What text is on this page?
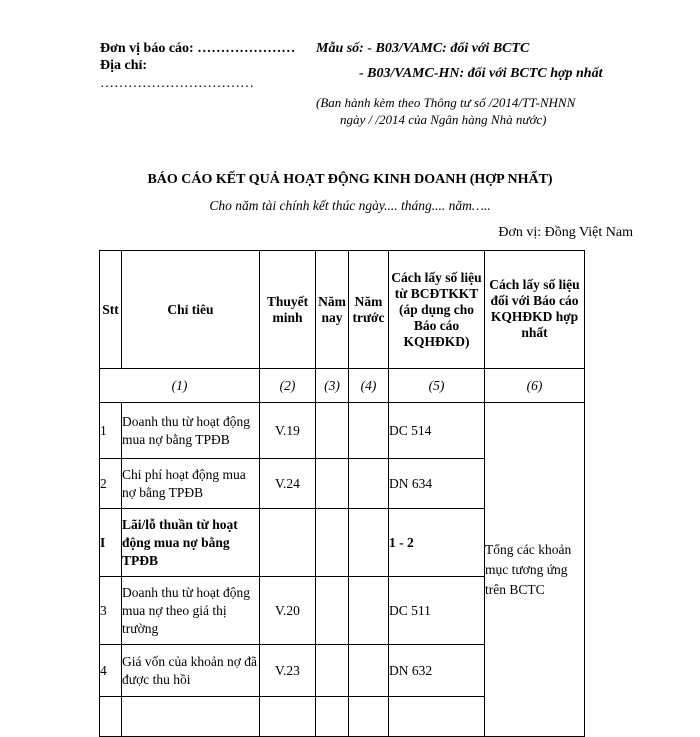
Đơn vị báo cáo: …………………
Địa chỉ:
……………………………
Mẫu số: - B03/VAMC: đối với BCTC
- B03/VAMC-HN: đối với BCTC hợp nhất
(Ban hành kèm theo Thông tư số /2014/TT-NHNN
ngày / /2014 của Ngân hàng Nhà nước)
BÁO CÁO KẾT QUẢ HOẠT ĐỘNG KINH DOANH (HỢP NHẤT)
Cho năm tài chính kết thúc ngày.... tháng.... năm…..
Đơn vị: Đồng Việt Nam
Stt	Chỉ tiêu	Thuyết minh	Năm nay	Năm trước	Cách lấy số liệu từ BCĐTKKT (áp dụng cho Báo cáo KQHĐKD)	Cách lấy số liệu đối với Báo cáo KQHĐKD hợp nhất
(1)		(2)	(3)	(4)	(5)	(6)
1	Doanh thu từ hoạt động mua nợ bằng TPĐB	V.19			DC 514	Tổng các khoản mục tương ứng trên BCTC
2	Chi phí hoạt động mua nợ bằng TPĐB	V.24			DN 634	
I	Lãi/lỗ thuần từ hoạt động mua nợ bằng TPĐB				1 - 2	
3	Doanh thu từ hoạt động mua nợ theo giá thị trường	V.20			DC 511	
4	Giá vốn của khoản nợ đã được thu hồi	V.23			DN 632	
